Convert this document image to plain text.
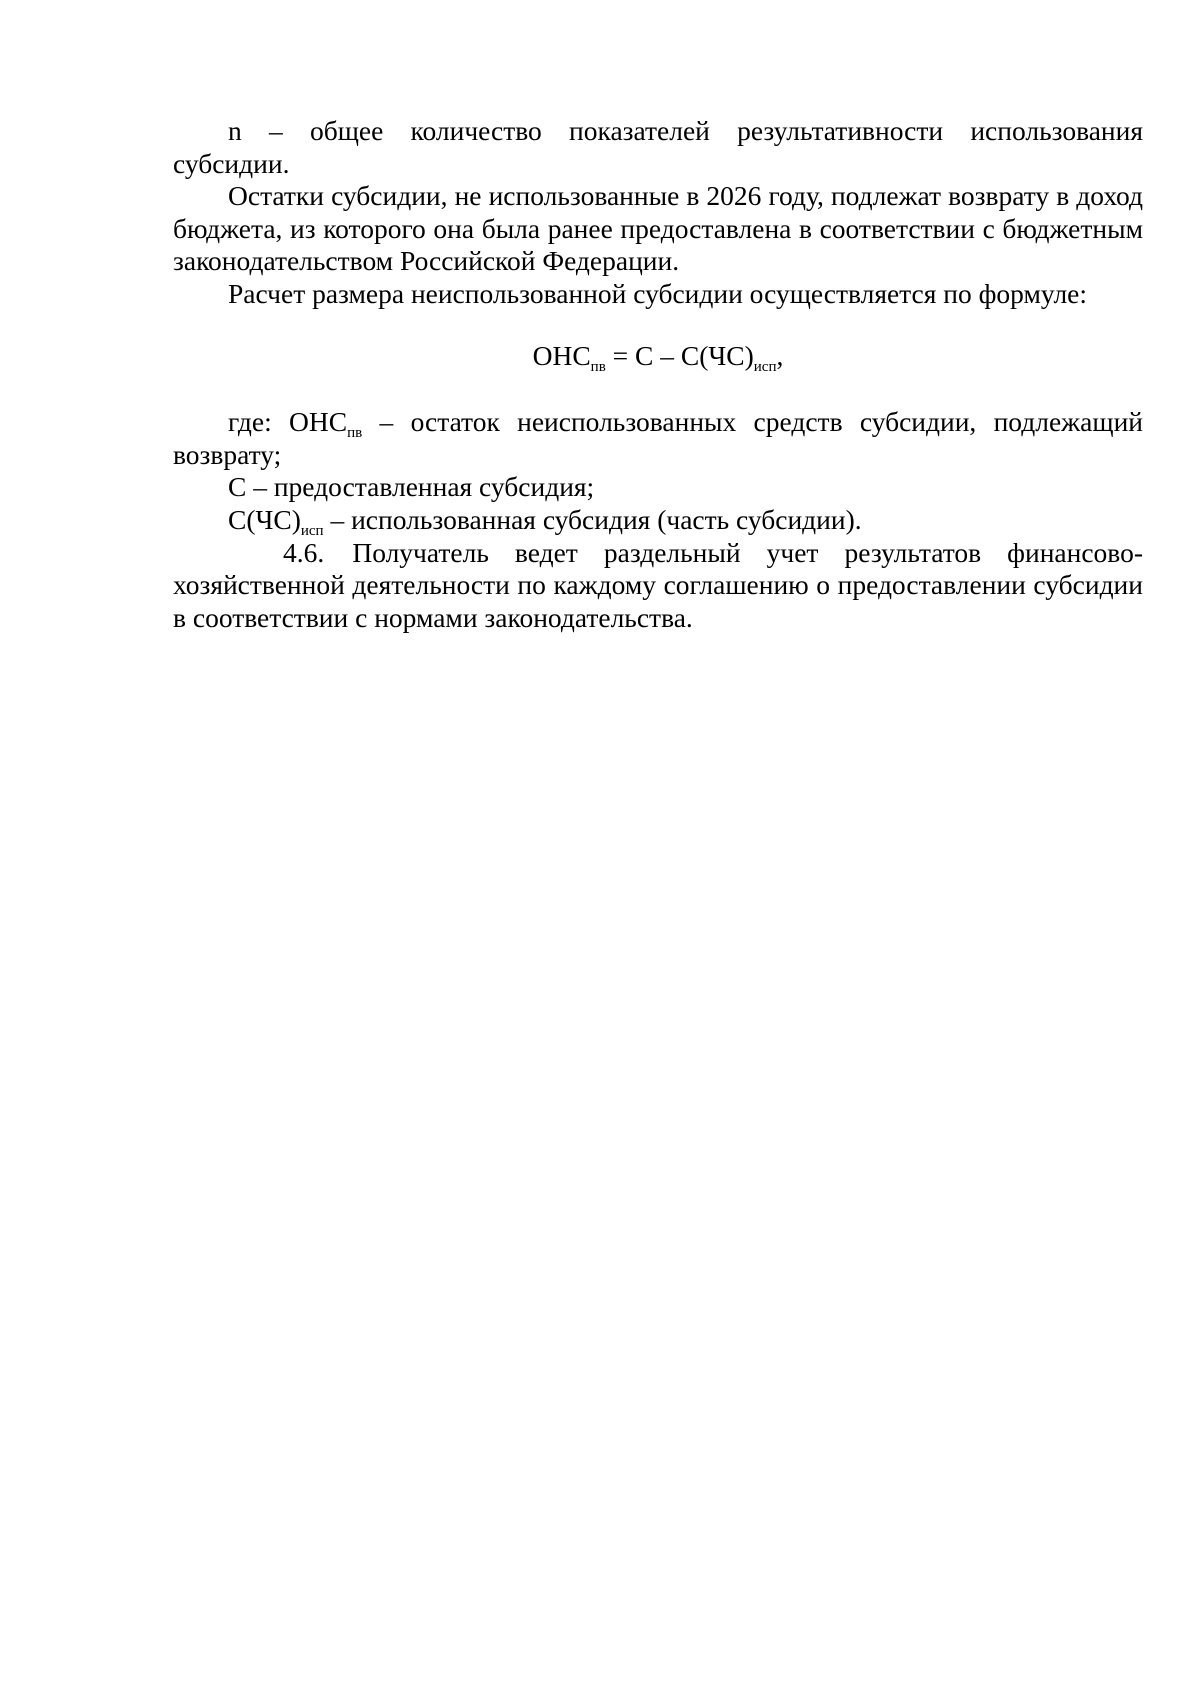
n – общее количество показателей результативности использования субсидии.

Остатки субсидии, не использованные в 2026 году, подлежат возврату в доход бюджета, из которого она была ранее предоставлена в соответствии с бюджетным законодательством Российской Федерации.

Расчет размера неиспользованной субсидии осуществляется по формуле:

$ОНС_{пв} = С - С(ЧС)_{исп}$,

где: $ОНС_{пв}$ – остаток неиспользованных средств субсидии, подлежащий возврату;

С – предоставленная субсидия;

$С(ЧС)_{исп}$ – использованная субсидия (часть субсидии).

4.6. Получатель ведет раздельный учет результатов финансово-хозяйственной деятельности по каждому соглашению о предоставлении субсидии в соответствии с нормами законодательства.
